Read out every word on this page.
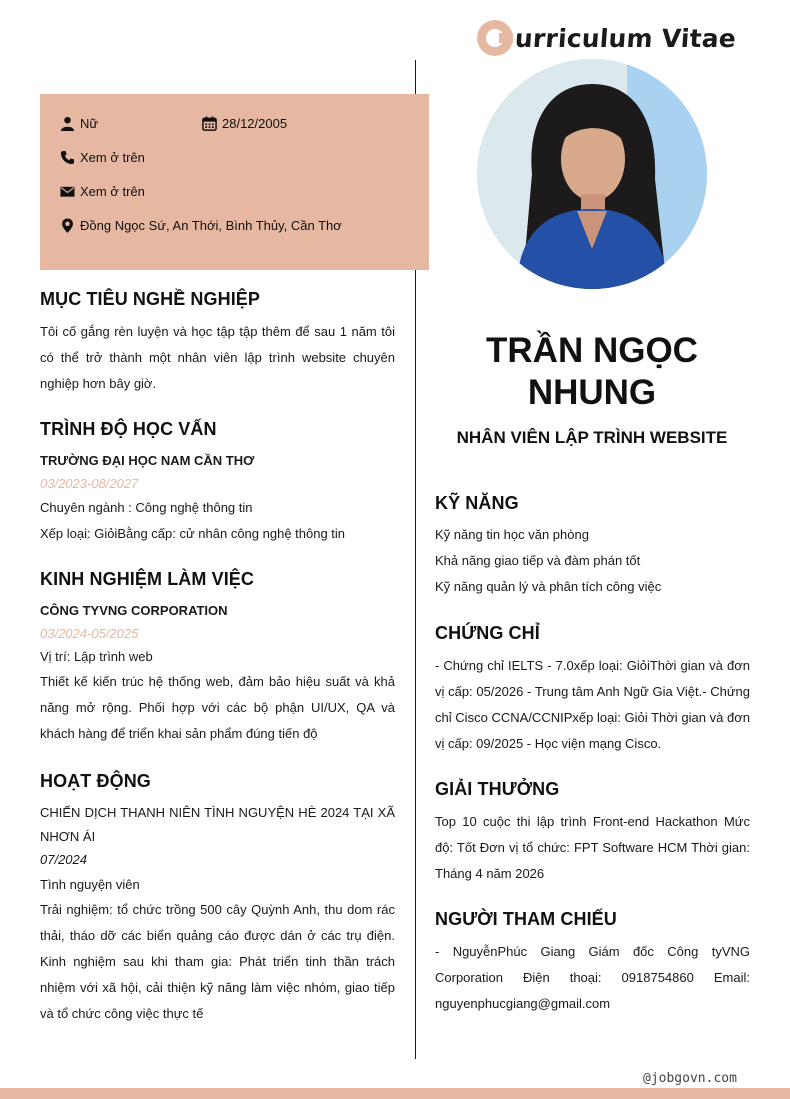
urriculum Vitae
Nữ	28/12/2005
Xem ở trên
Xem ở trên
Đồng Ngọc Sứ, An Thới, Bình Thủy, Cần Thơ
MỤC TIÊU NGHỀ NGHIỆP
Tôi cố gắng rèn luyện và học tập tập thêm để sau 1 năm tôi có thể trở thành một nhân viên lập trình website chuyên nghiệp hơn bây giờ.
TRÌNH ĐỘ HỌC VẤN
TRƯỜNG ĐẠI HỌC NAM CẦN THƠ
03/2023-08/2027
Chuyên ngành : Công nghệ thông tin
Xếp loại: GiỏiBằng cấp: cử nhân công nghệ thông tin
KINH NGHIỆM LÀM VIỆC
CÔNG TYVNG CORPORATION
03/2024-05/2025
Vị trí: Lập trình web
Thiết kế kiến trúc hệ thống web, đảm bảo hiệu suất và khả năng mở rộng. Phối hợp với các bộ phận UI/UX, QA và khách hàng để triển khai sản phẩm đúng tiến độ
HOẠT ĐỘNG
CHIẾN DỊCH THANH NIÊN TÌNH NGUYỆN HÈ 2024 TẠI XÃ NHƠN ÁI
07/2024
Tình nguyện viên
Trải nghiệm: tổ chức trồng 500 cây Quỳnh Anh, thu dom rác thải, tháo dỡ các biển quảng cáo được dán ở các trụ điện. Kinh nghiệm sau khi tham gia: Phát triển tinh thần trách nhiệm với xã hội, cải thiện kỹ năng làm việc nhóm, giao tiếp và tổ chức công việc thực tế
TRẦN NGỌC NHUNG
NHÂN VIÊN LẬP TRÌNH WEBSITE
KỸ NĂNG
Kỹ năng tin học văn phòng
Khả năng giao tiếp và đàm phán tốt
Kỹ năng quản lý và phân tích công việc
CHỨNG CHỈ
- Chứng chỉ IELTS - 7.0xếp loại: GiỏiThời gian và đơn vị cấp: 05/2026 - Trung tâm Anh Ngữ Gia Việt.- Chứng chỉ Cisco CCNA/CCNIPxếp loại: Giỏi Thời gian và đơn vị cấp: 09/2025 - Học viện mạng Cisco.
GIẢI THƯỞNG
Top 10 cuộc thi lập trình Front-end Hackathon Mức độ: Tốt Đơn vị tổ chức: FPT Software HCM Thời gian: Tháng 4 năm 2026
NGƯỜI THAM CHIẾU
- NguyễnPhúc Giang Giám đốc Công tyVNG Corporation Điện thoại: 0918754860 Email: nguyenphucgiang@gmail.com
@jobgovn.com
